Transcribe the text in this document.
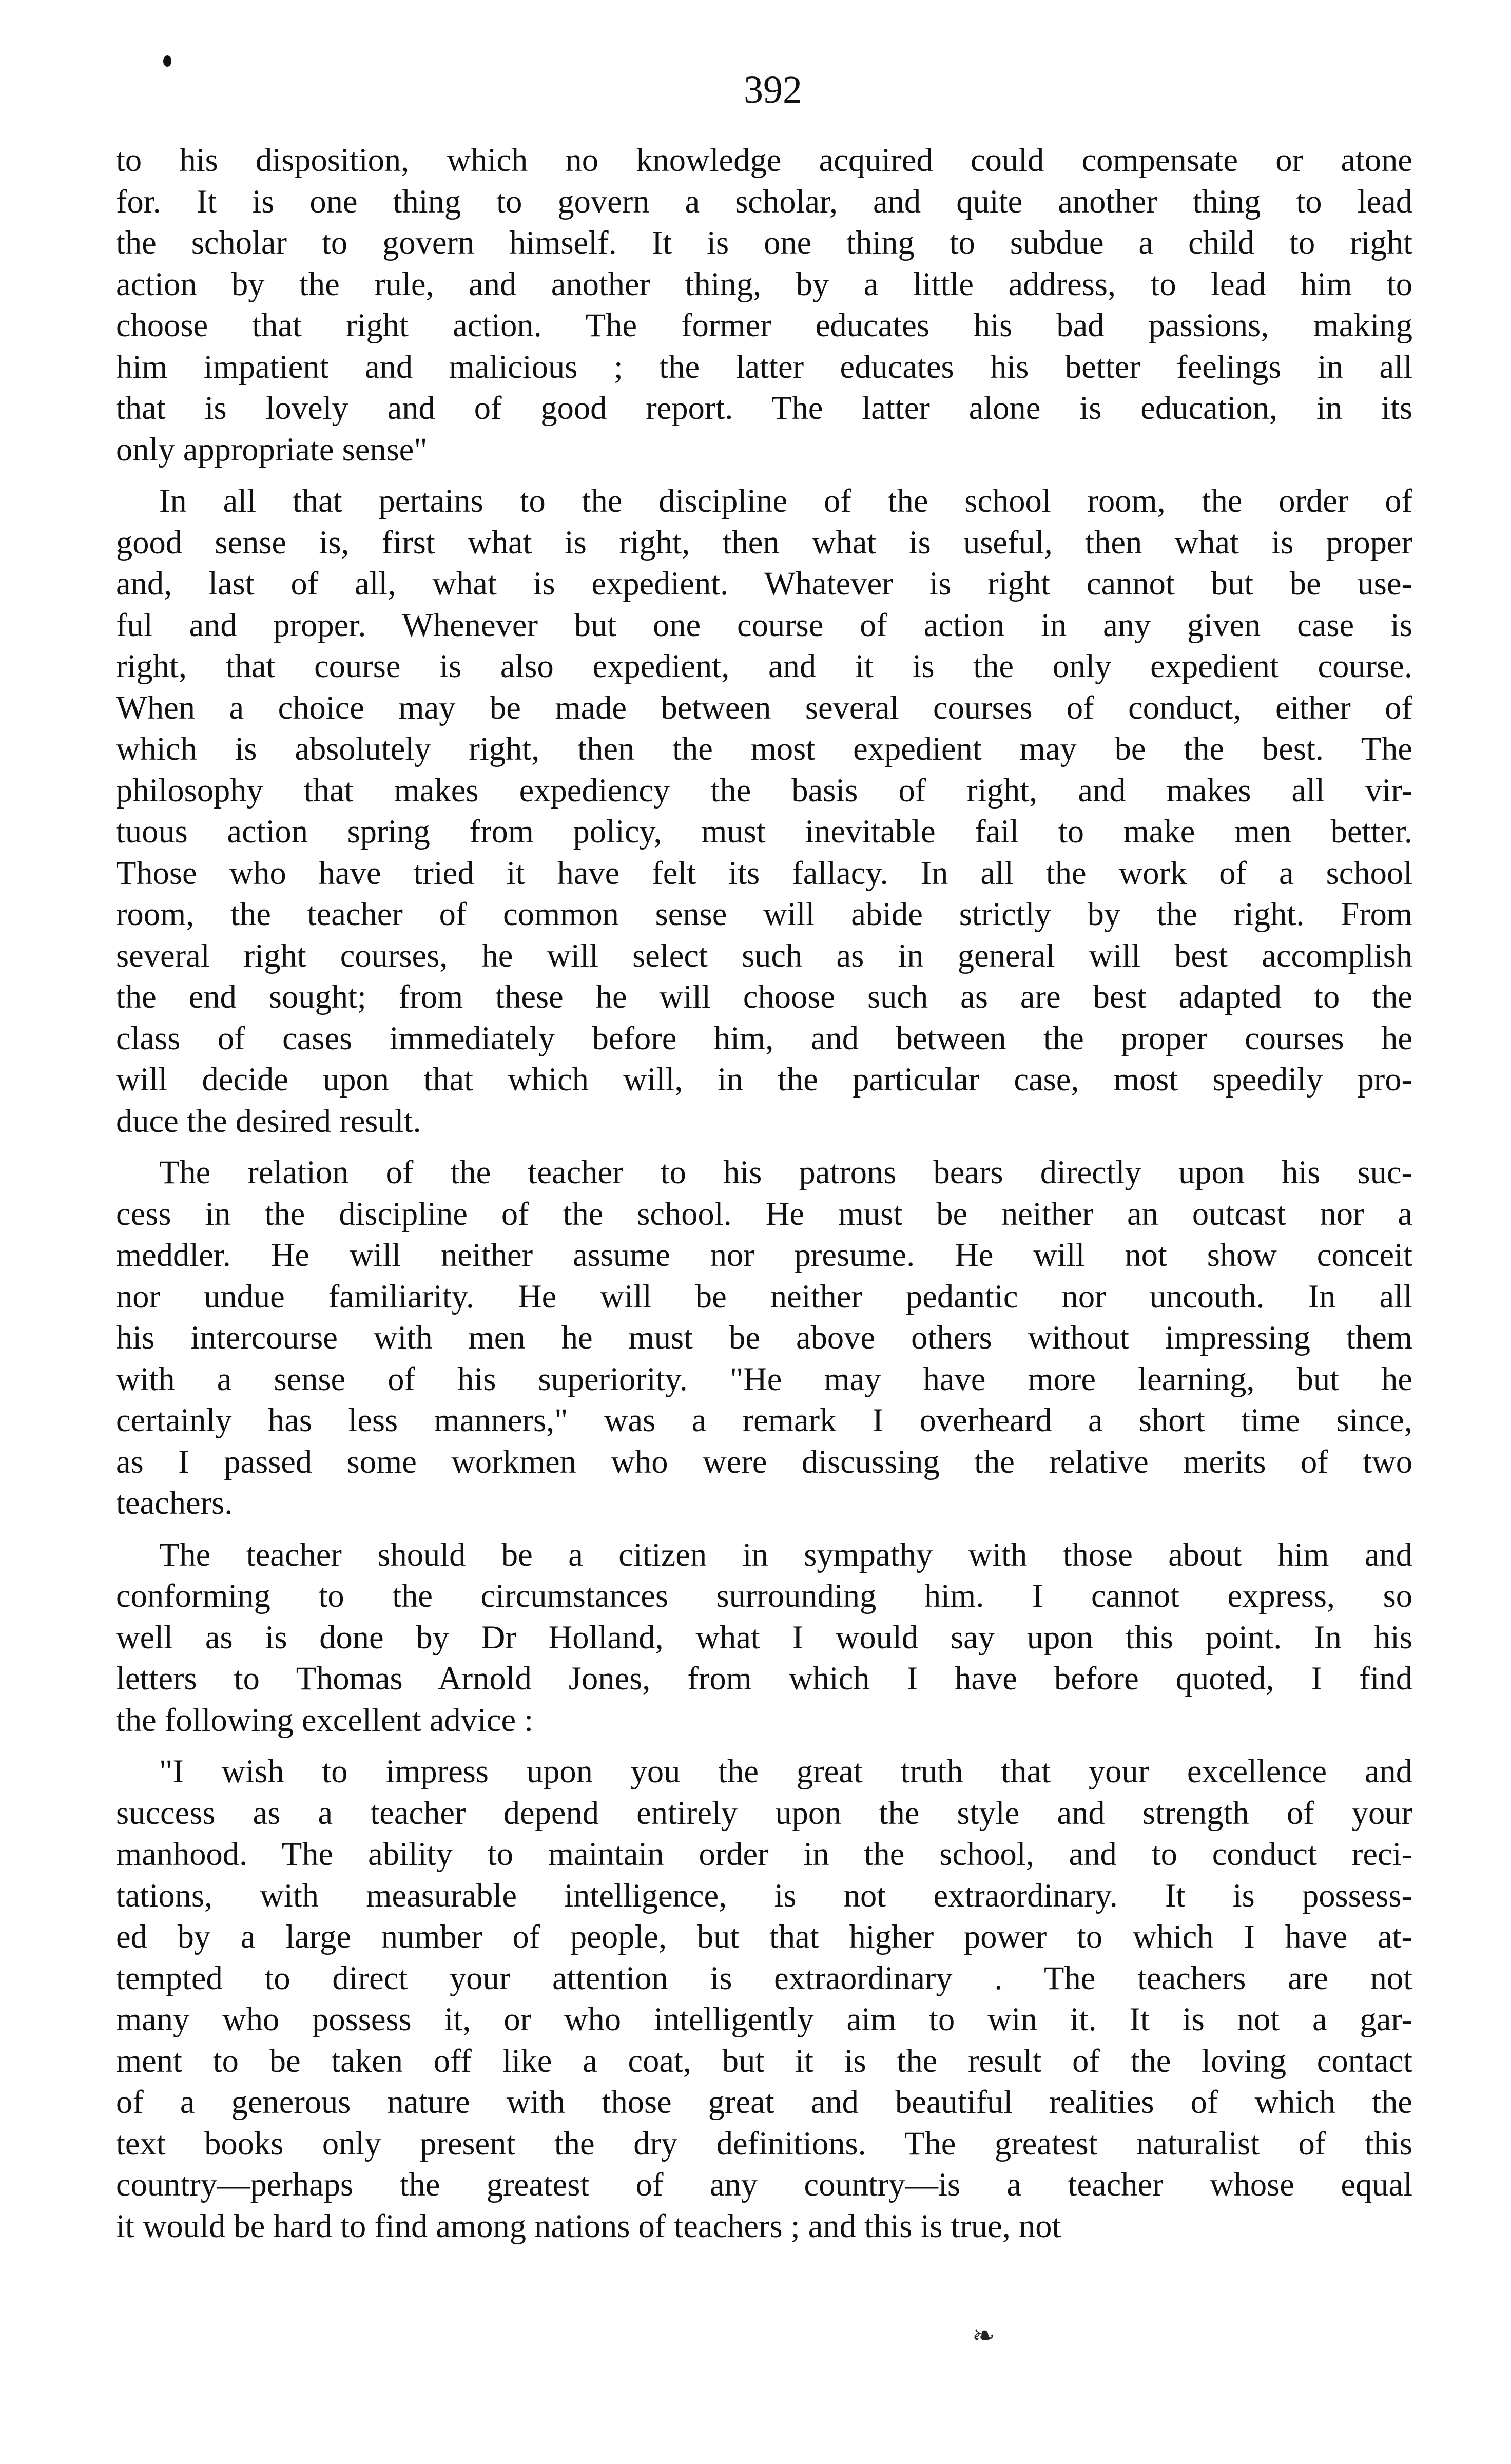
392
to his disposition, which no knowledge acquired could compensate or atone
for. It is one thing to govern a scholar, and quite another thing to lead
the scholar to govern himself. It is one thing to subdue a child to right
action by the rule, and another thing, by a little address, to lead him to
choose that right action. The former educates his bad passions, making
him impatient and malicious ; the latter educates his better feelings in all
that is lovely and of good report. The latter alone is education, in its
only appropriate sense"
In all that pertains to the discipline of the school room, the order of
good sense is, first what is right, then what is useful, then what is proper
and, last of all, what is expedient. Whatever is right cannot but be use-
ful and proper. Whenever but one course of action in any given case is
right, that course is also expedient, and it is the only expedient course.
When a choice may be made between several courses of conduct, either of
which is absolutely right, then the most expedient may be the best. The
philosophy that makes expediency the basis of right, and makes all vir-
tuous action spring from policy, must inevitable fail to make men better.
Those who have tried it have felt its fallacy. In all the work of a school
room, the teacher of common sense will abide strictly by the right. From
several right courses, he will select such as in general will best accomplish
the end sought; from these he will choose such as are best adapted to the
class of cases immediately before him, and between the proper courses he
will decide upon that which will, in the particular case, most speedily pro-
duce the desired result.
The relation of the teacher to his patrons bears directly upon his suc-
cess in the discipline of the school. He must be neither an outcast nor a
meddler. He will neither assume nor presume. He will not show conceit
nor undue familiarity. He will be neither pedantic nor uncouth. In all
his intercourse with men he must be above others without impressing them
with a sense of his superiority. "He may have more learning, but he
certainly has less manners," was a remark I overheard a short time since,
as I passed some workmen who were discussing the relative merits of two
teachers.
The teacher should be a citizen in sympathy with those about him and
conforming to the circumstances surrounding him. I cannot express, so
well as is done by Dr Holland, what I would say upon this point. In his
letters to Thomas Arnold Jones, from which I have before quoted, I find
the following excellent advice :
"I wish to impress upon you the great truth that your excellence and
success as a teacher depend entirely upon the style and strength of your
manhood. The ability to maintain order in the school, and to conduct reci-
tations, with measurable intelligence, is not extraordinary. It is possess-
ed by a large number of people, but that higher power to which I have at-
tempted to direct your attention is extraordinary . The teachers are not
many who possess it, or who intelligently aim to win it. It is not a gar-
ment to be taken off like a coat, but it is the result of the loving contact
of a generous nature with those great and beautiful realities of which the
text books only present the dry definitions. The greatest naturalist of this
country—perhaps the greatest of any country—is a teacher whose equal
it would be hard to find among nations of teachers ; and this is true, not
❧
